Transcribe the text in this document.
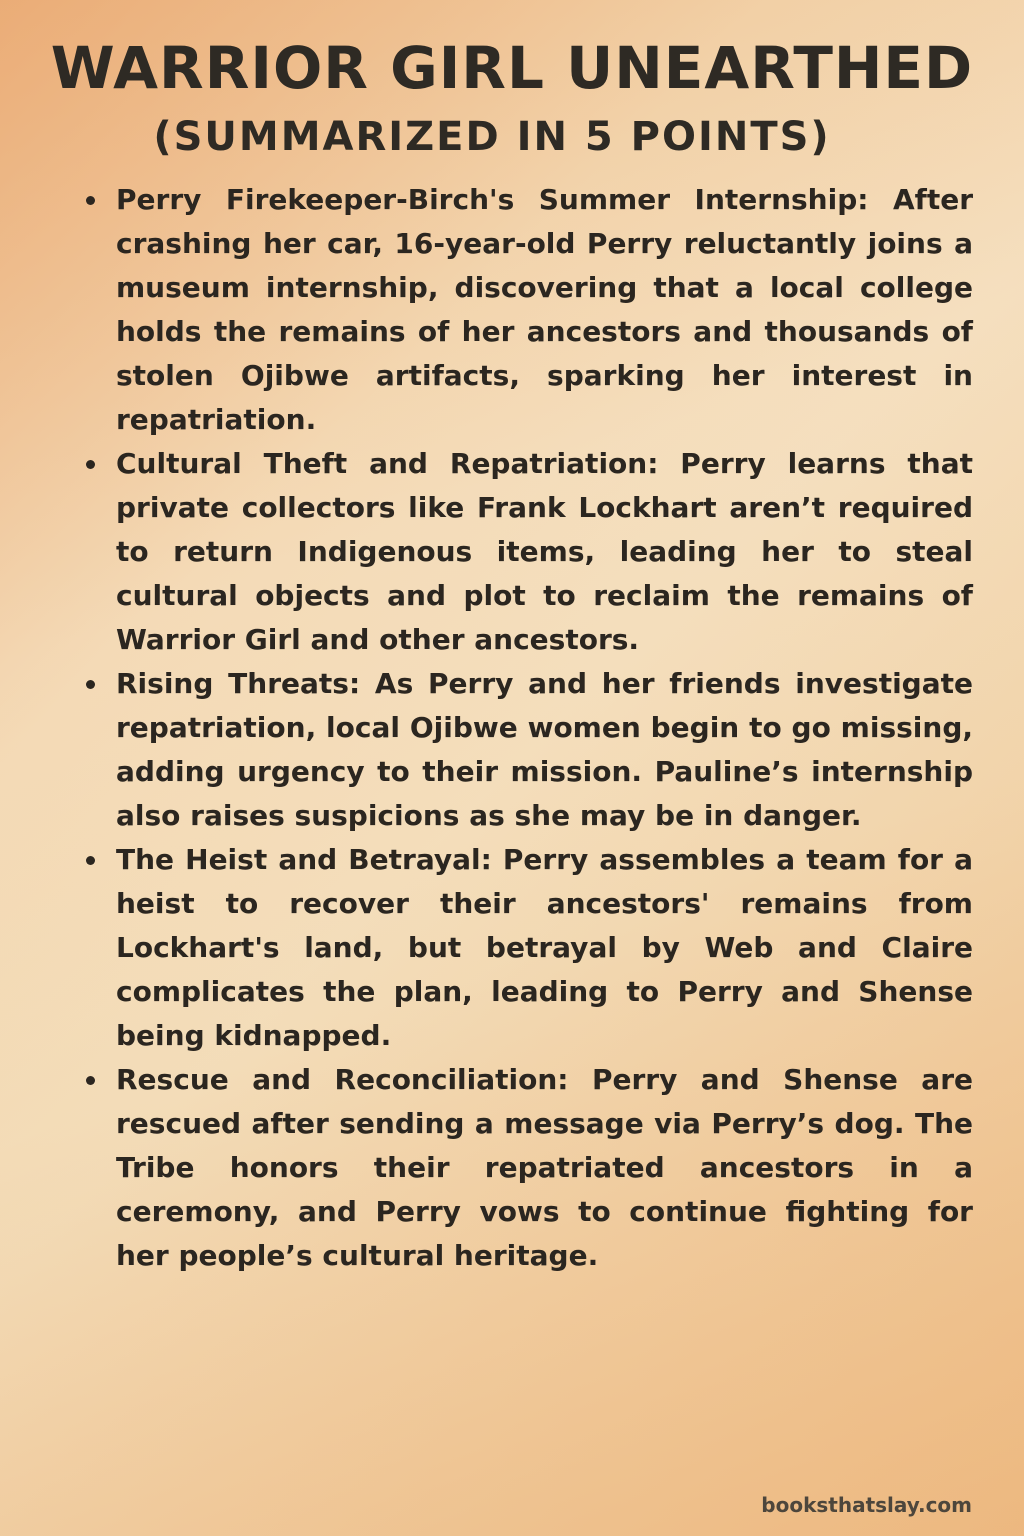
WARRIOR GIRL UNEARTHED
(SUMMARIZED IN 5 POINTS)
Perry Firekeeper-Birch's Summer Internship: After crashing her car, 16-year-old Perry reluctantly joins a museum internship, discovering that a local college holds the remains of her ancestors and thousands of stolen Ojibwe artifacts, sparking her interest in repatriation.
Cultural Theft and Repatriation: Perry learns that private collectors like Frank Lockhart aren’t required to return Indigenous items, leading her to steal cultural objects and plot to reclaim the remains of Warrior Girl and other ancestors.
Rising Threats: As Perry and her friends investigate repatriation, local Ojibwe women begin to go missing, adding urgency to their mission. Pauline’s internship also raises suspicions as she may be in danger.
The Heist and Betrayal: Perry assembles a team for a heist to recover their ancestors' remains from Lockhart's land, but betrayal by Web and Claire complicates the plan, leading to Perry and Shense being kidnapped.
Rescue and Reconciliation: Perry and Shense are rescued after sending a message via Perry’s dog. The Tribe honors their repatriated ancestors in a ceremony, and Perry vows to continue fighting for her people’s cultural heritage.
booksthatslay.com
